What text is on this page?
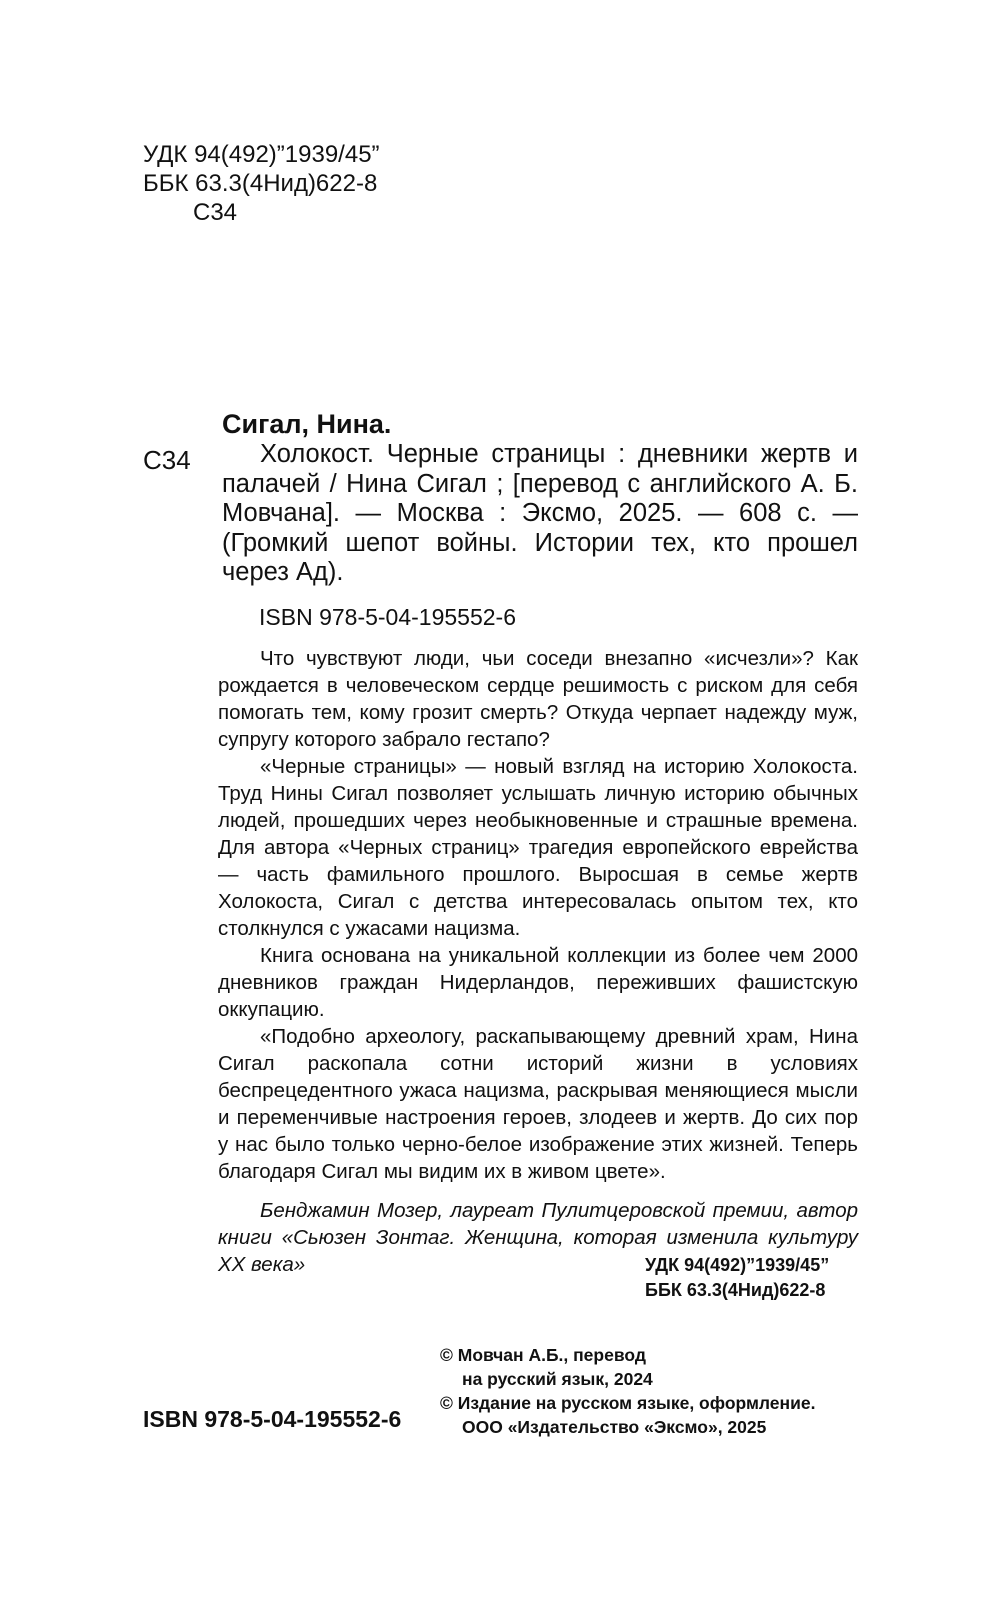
УДК 94(492)”1939/45”
ББК 63.3(4Нид)622-8
С34
С34
Сигал, Нина.

Холокост. Черные страницы : дневники жертв и палачей / Нина Сигал ; [перевод с английского А. Б. Мовчана]. — Москва : Эксмо, 2025. — 608 с. — (Громкий шепот войны. Истории тех, кто прошел через Ад).

ISBN 978-5-04-195552-6

Что чувствуют люди, чьи соседи внезапно «исчезли»? Как рождается в человеческом сердце решимость с риском для себя помогать тем, кому грозит смерть? Откуда черпает надежду муж, супругу которого забрало гестапо?

«Черные страницы» — новый взгляд на историю Холокоста. Труд Нины Сигал позволяет услышать личную историю обычных людей, прошедших через необыкновенные и страшные времена. Для автора «Черных страниц» трагедия европейского еврейства — часть фамильного прошлого. Выросшая в семье жертв Холокоста, Сигал с детства интересовалась опытом тех, кто столкнулся с ужасами нацизма.

Книга основана на уникальной коллекции из более чем 2000 дневников граждан Нидерландов, переживших фашистскую оккупацию.

«Подобно археологу, раскапывающему древний храм, Нина Сигал раскопала сотни историй жизни в условиях беспрецедентного ужаса нацизма, раскрывая меняющиеся мысли и переменчивые настроения героев, злодеев и жертв. До сих пор у нас было только черно-белое изображение этих жизней. Теперь благодаря Сигал мы видим их в живом цвете».

Бенджамин Мозер, лауреат Пулитцеровской премии, автор книги «Сьюзен Зонтаг. Женщина, которая изменила культуру XX века»	УДК 94(492)”1939/45”
ББК 63.3(4Нид)622-8
© Мовчан А.Б., перевод
на русский язык, 2024
© Издание на русском языке, оформление.
ООО «Издательство «Эксмо», 2025
ISBN 978-5-04-195552-6
